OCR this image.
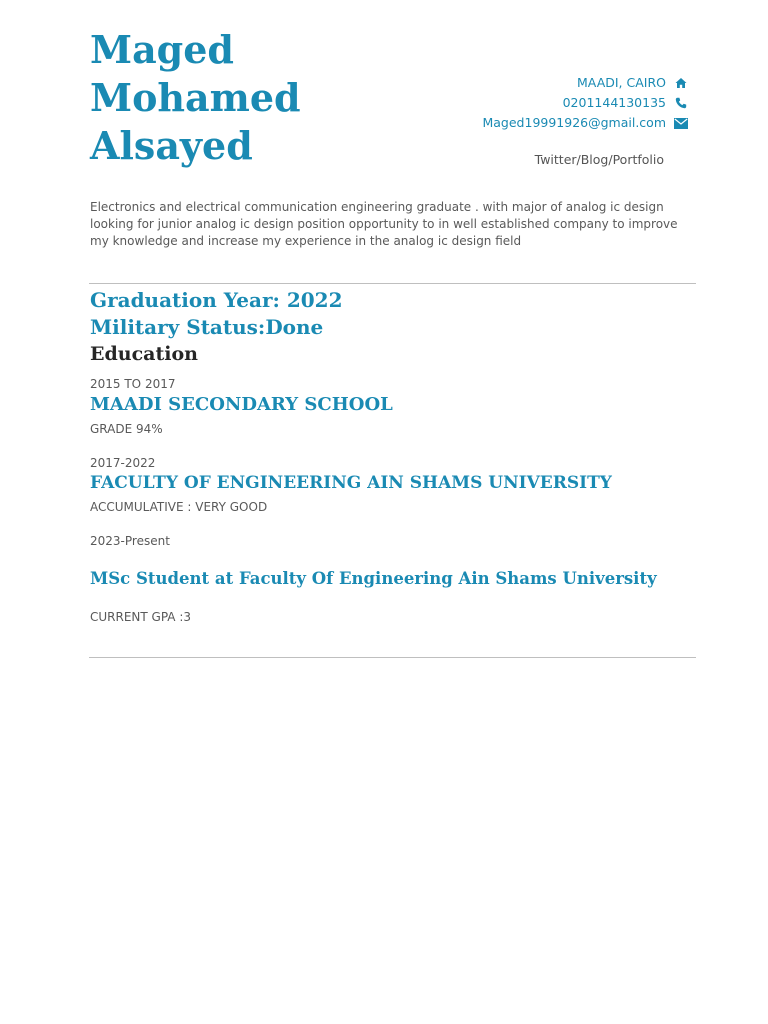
Maged
Mohamed
Alsayed
MAADI, CAIRO
0201144130135
Maged19991926@gmail.com
Twitter/Blog/Portfolio

Electronics and electrical communication engineering graduate . with major of analog ic design looking for junior analog ic design position opportunity to in well established company to improve my knowledge and increase my experience in the analog ic design field

Graduation Year: 2022
Military Status:Done
Education
2015 TO 2017
MAADI SECONDARY SCHOOL
GRADE 94%
2017-2022
FACULTY OF ENGINEERING AIN SHAMS UNIVERSITY
ACCUMULATIVE : VERY GOOD
2023-Present
MSc Student at Faculty Of Engineering Ain Shams University
CURRENT GPA :3
